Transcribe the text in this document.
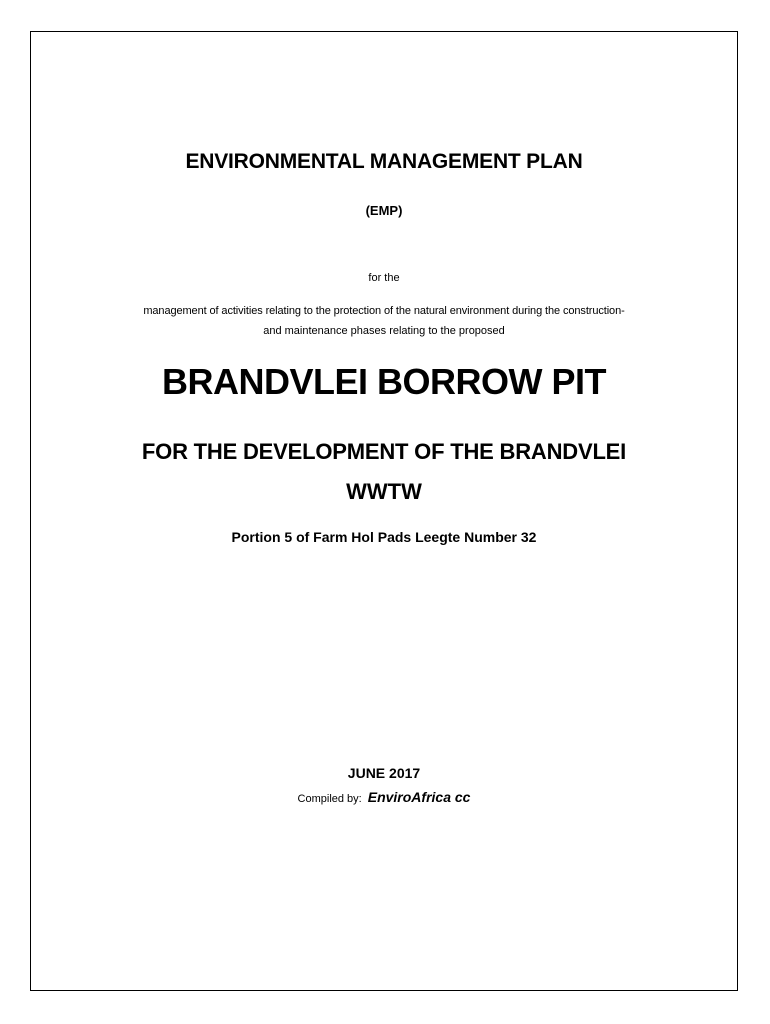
ENVIRONMENTAL MANAGEMENT PLAN
(EMP)
for the
management of activities relating to the protection of the natural environment during the construction-
and maintenance phases relating to the proposed
BRANDVLEI BORROW PIT
FOR THE DEVELOPMENT OF THE BRANDVLEI
WWTW
Portion 5 of Farm Hol Pads Leegte Number 32
JUNE 2017
Compiled by: EnviroAfrica cc
